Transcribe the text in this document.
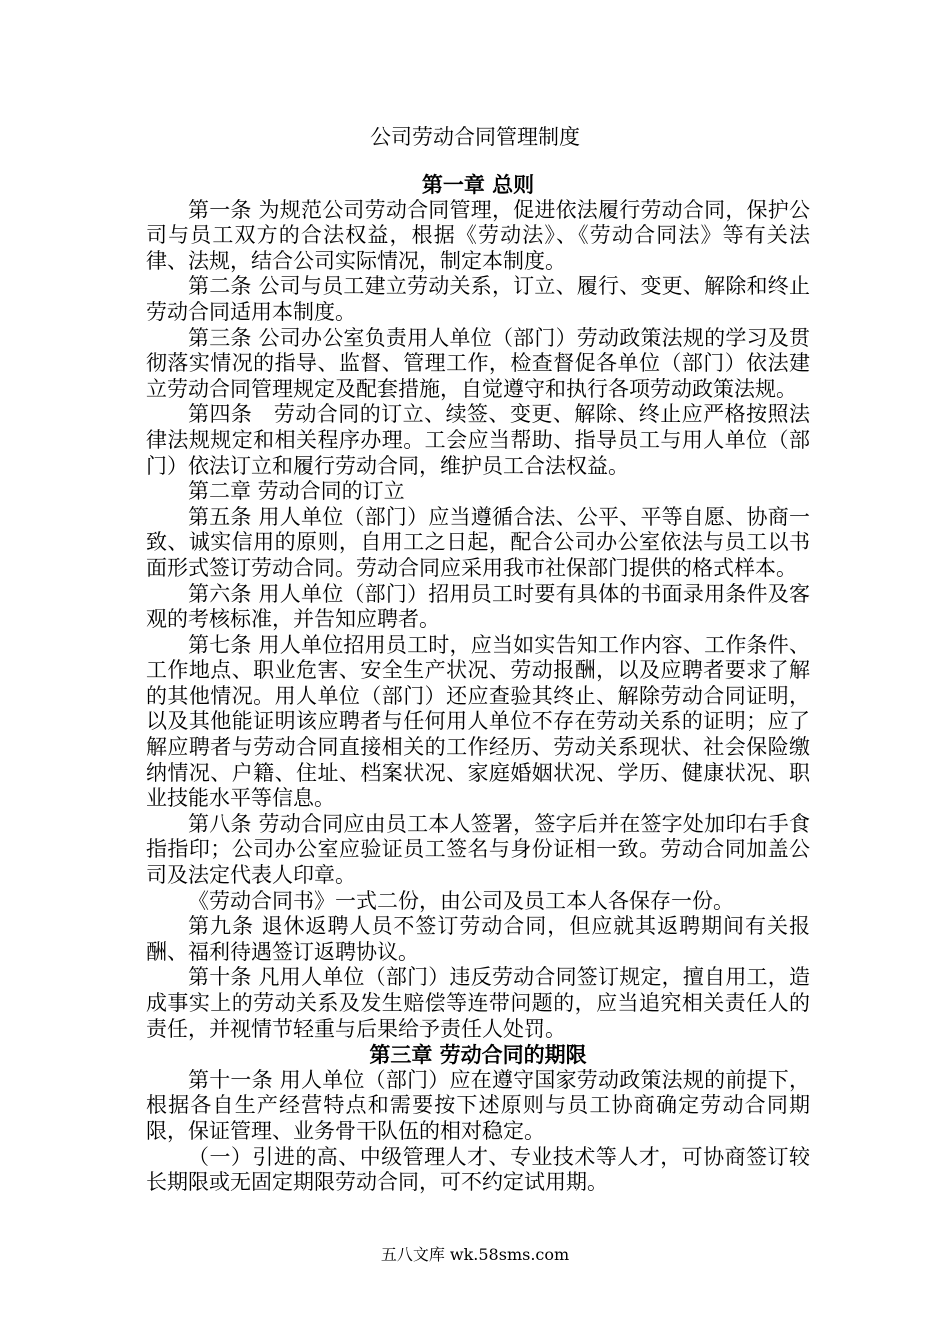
公司劳动合同管理制度
第一章 总则

第一条 为规范公司劳动合同管理，促进依法履行劳动合同，保护公司与员工双方的合法权益，根据《劳动法》、《劳动合同法》等有关法律、法规，结合公司实际情况，制定本制度。

第二条 公司与员工建立劳动关系，订立、履行、变更、解除和终止劳动合同适用本制度。

第三条 公司办公室负责用人单位（部门）劳动政策法规的学习及贯彻落实情况的指导、监督、管理工作，检查督促各单位（部门）依法建立劳动合同管理规定及配套措施，自觉遵守和执行各项劳动政策法规。

第四条　劳动合同的订立、续签、变更、解除、终止应严格按照法律法规规定和相关程序办理。工会应当帮助、指导员工与用人单位（部门）依法订立和履行劳动合同，维护员工合法权益。

第二章 劳动合同的订立

第五条 用人单位（部门）应当遵循合法、公平、平等自愿、协商一致、诚实信用的原则，自用工之日起，配合公司办公室依法与员工以书面形式签订劳动合同。劳动合同应采用我市社保部门提供的格式样本。

第六条 用人单位（部门）招用员工时要有具体的书面录用条件及客观的考核标准，并告知应聘者。

第七条 用人单位招用员工时，应当如实告知工作内容、工作条件、工作地点、职业危害、安全生产状况、劳动报酬，以及应聘者要求了解的其他情况。用人单位（部门）还应查验其终止、解除劳动合同证明，以及其他能证明该应聘者与任何用人单位不存在劳动关系的证明；应了解应聘者与劳动合同直接相关的工作经历、劳动关系现状、社会保险缴纳情况、户籍、住址、档案状况、家庭婚姻状况、学历、健康状况、职业技能水平等信息。

第八条 劳动合同应由员工本人签署，签字后并在签字处加印右手食指指印；公司办公室应验证员工签名与身份证相一致。劳动合同加盖公司及法定代表人印章。

《劳动合同书》一式二份，由公司及员工本人各保存一份。

第九条 退休返聘人员不签订劳动合同，但应就其返聘期间有关报酬、福利待遇签订返聘协议。

第十条 凡用人单位（部门）违反劳动合同签订规定，擅自用工，造成事实上的劳动关系及发生赔偿等连带问题的，应当追究相关责任人的责任，并视情节轻重与后果给予责任人处罚。

第三章 劳动合同的期限

第十一条 用人单位（部门）应在遵守国家劳动政策法规的前提下，根据各自生产经营特点和需要按下述原则与员工协商确定劳动合同期限，保证管理、业务骨干队伍的相对稳定。

（一）引进的高、中级管理人才、专业技术等人才，可协商签订较长期限或无固定期限劳动合同，可不约定试用期。

五八文库 wk.58sms.com
